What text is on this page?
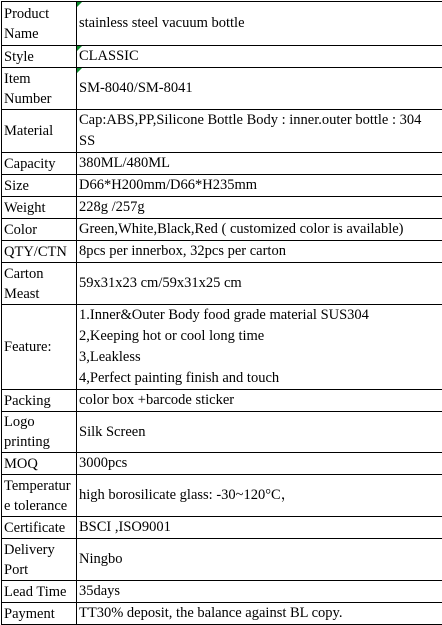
Product Name	stainless steel vacuum bottle
Style	CLASSIC
Item Number	SM-8040/SM-8041
Material	Cap:ABS,PP,Silicone Bottle Body : inner.outer bottle : 304 SS
Capacity	380ML/480ML
Size	D66*H200mm/D66*H235mm
Weight	228g /257g
Color	Green,White,Black,Red ( customized color is available)
QTY/CTN	8pcs per innerbox, 32pcs per carton
Carton Meast	59x31x23 cm/59x31x25 cm
Feature:	1.Inner&Outer Body food grade material SUS304
2,Keeping hot or cool long time
3,Leakless
4,Perfect painting finish and touch

Packing	color box +barcode sticker
Logo printing	Silk Screen
MOQ	3000pcs
Temperature tolerance	high borosilicate glass: -30~120°C，
Certificate	BSCI ,ISO9001
Delivery Port	Ningbo
Lead Time	35days
Payment	TT30% deposit, the balance against BL copy.
